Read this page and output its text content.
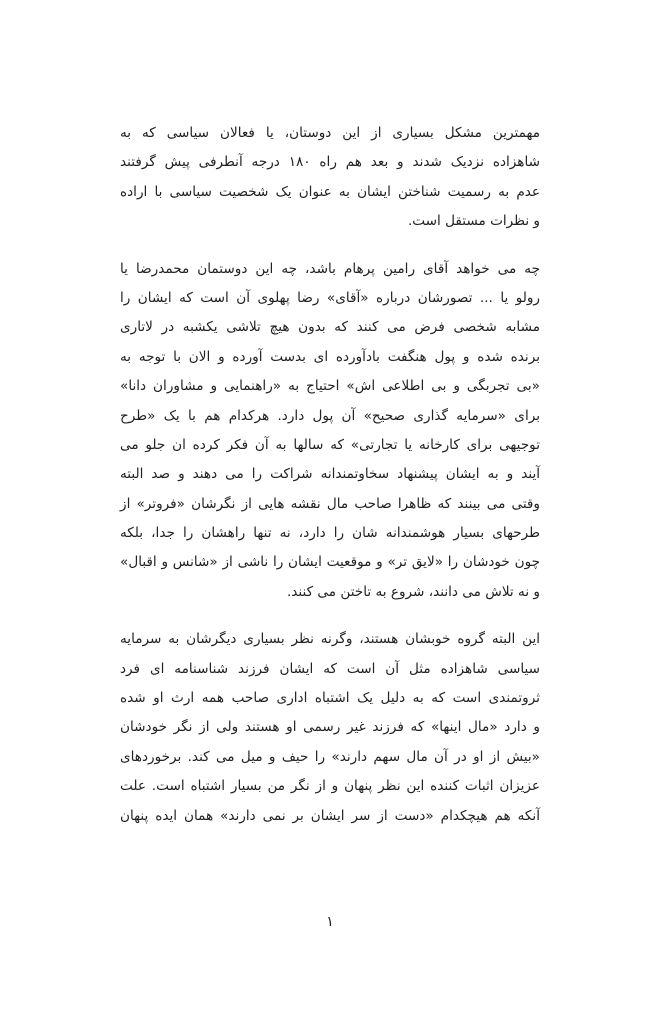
مهمترین مشکل بسیاری از این دوستان، یا فعالان سیاسی که به
شاهزاده نزدیک شدند و بعد هم راه ۱۸۰ درجه آنطرفی پیش گرفتند
عدم به رسمیت شناختن ایشان به عنوان یک شخصیت سیاسی با اراده
و نظرات مستقل است.
چه می خواهد آقای رامین پرهام باشد، چه این دوستمان محمدرضا یا
رولو یا ... تصورشان درباره «آقای» رضا پهلوی آن است که ایشان را
مشابه شخصی فرض می کنند که بدون هیچ تلاشی یکشبه در لاتاری
برنده شده و پول هنگفت بادآورده ای بدست آورده و الان با توجه به
«بی تجربگی و بی اطلاعی اش» احتیاج به «راهنمایی و مشاوران دانا»
برای «سرمایه گذاری صحیح» آن پول دارد. هرکدام هم با یک «طرح
توجیهی برای کارخانه یا تجارتی» که سالها به آن فکر کرده ان جلو می
آیند و به ایشان پیشنهاد سخاوتمندانه شراکت را می دهند و صد البته
وقتی می بینند که ظاهرا صاحب مال نقشه هایی از نگرشان «فروتر» از
طرحهای بسیار هوشمندانه شان را دارد، نه تنها راهشان را جدا، بلکه
چون خودشان را «لایق تر» و موقعیت ایشان را ناشی از «شانس و اقبال»
و نه تلاش می دانند، شروع به تاختن می کنند.
این البته گروه خوبشان هستند، وگرنه نظر بسیاری دیگرشان به سرمایه
سیاسی شاهزاده مثل آن است که ایشان فرزند شناسنامه ای فرد
ثروتمندی است که به دلیل یک اشتباه اداری صاحب همه ارث او شده
و دارد «مال اینها» که فرزند غیر رسمی او هستند ولی از نگر خودشان
«بیش از او در آن مال سهم دارند» را حیف و میل می کند. برخوردهای
عزیزان اثبات کننده این نظر پنهان و از نگر من بسیار اشتباه است. علت
آنکه هم هیچکدام «دست از سر ایشان بر نمی دارند» همان ایده پنهان
۱
